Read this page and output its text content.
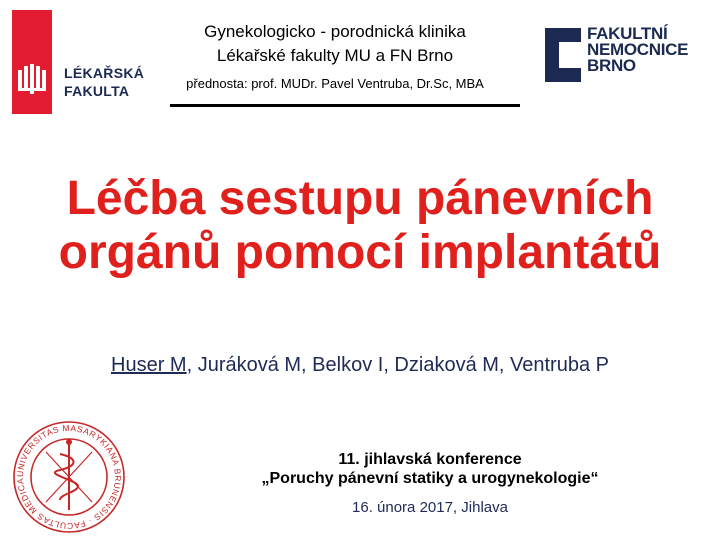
LÉKAŘSKÁ
FAKULTA
Gynekologicko - porodnická klinika
Lékařské fakulty MU a FN Brno
přednosta: prof. MUDr. Pavel Ventruba, Dr.Sc, MBA
FAKULTNÍ
NEMOCNICE
BRNO
Léčba sestupu pánevních
orgánů pomocí implantátů
Huser M, Juráková M, Belkov I, Dziaková M, Ventruba P
UNIVERSITAS MASARYKIANA BRUNENSIS · FACULTAS MEDICA
11. jihlavská konference
„Poruchy pánevní statiky a urogynekologie“
16. února 2017, Jihlava
